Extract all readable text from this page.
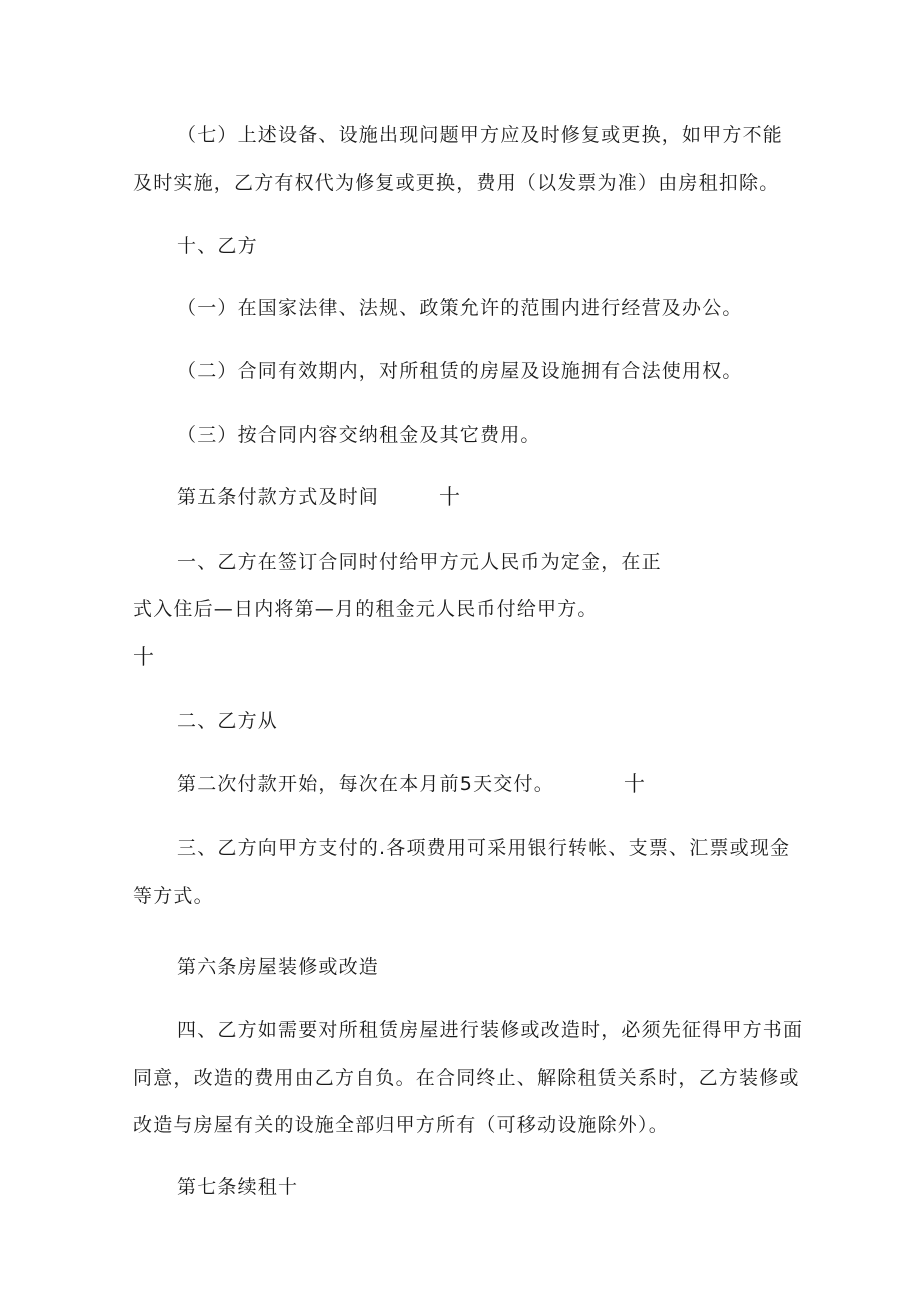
（七）上述设备、设施出现问题甲方应及时修复或更换，如甲方不能
及时实施，乙方有权代为修复或更换，费用（以发票为准）由房租扣除。
十、乙方
（一）在国家法律、法规、政策允许的范围内进行经营及办公。
（二）合同有效期内，对所租赁的房屋及设施拥有合法使用权。
（三）按合同内容交纳租金及其它费用。
第五条付款方式及时间	十
一、乙方在签订合同时付给甲方元人民币为定金，在正
式入住后—日内将第—月的租金元人民币付给甲方。
十
二、乙方从
第二次付款开始，每次在本月前5天交付。	十
三、乙方向甲方支付的.各项费用可采用银行转帐、支票、汇票或现金
等方式。
第六条房屋装修或改造
四、乙方如需要对所租赁房屋进行装修或改造时，必须先征得甲方书面
同意，改造的费用由乙方自负。在合同终止、解除租赁关系时，乙方装修或
改造与房屋有关的设施全部归甲方所有（可移动设施除外）。
第七条续租十
